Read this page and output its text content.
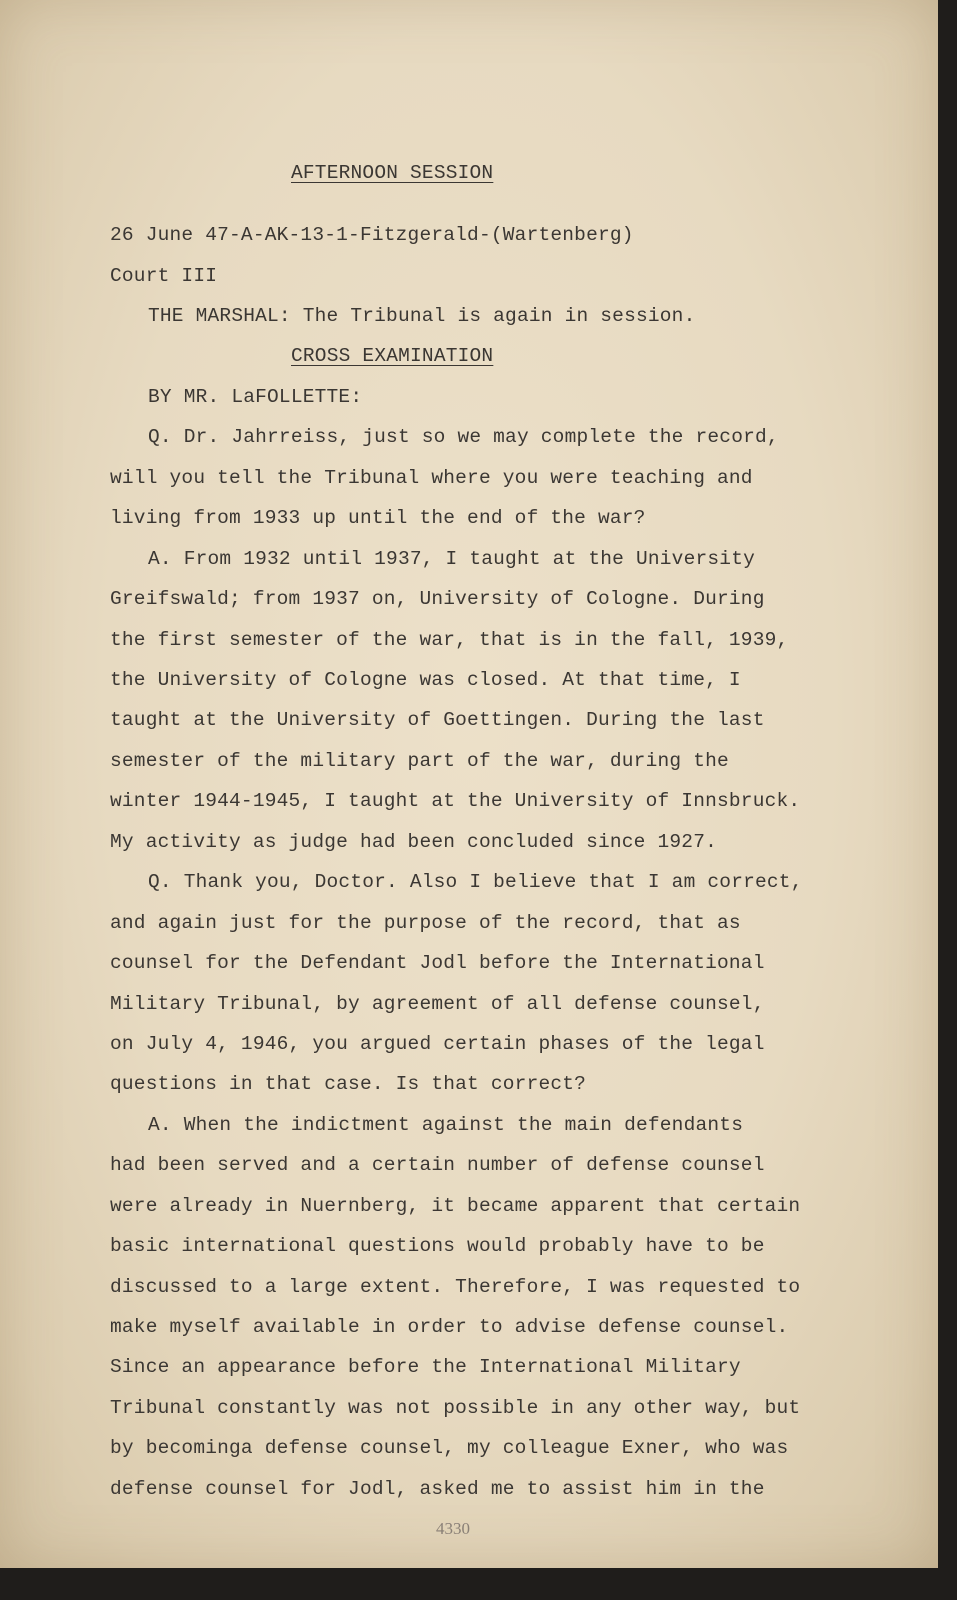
AFTERNOON SESSION
26 June 47-A-AK-13-1-Fitzgerald-(Wartenberg)
Court III
THE MARSHAL: The Tribunal is again in session.
CROSS EXAMINATION
BY MR. LaFOLLETTE:
Q. Dr. Jahrreiss, just so we may complete the record,
will you tell the Tribunal where you were teaching and
living from 1933 up until the end of the war?
A. From 1932 until 1937, I taught at the University
Greifswald; from 1937 on, University of Cologne. During
the first semester of the war, that is in the fall, 1939,
the University of Cologne was closed. At that time, I
taught at the University of Goettingen. During the last
semester of the military part of the war, during the
winter 1944-1945, I taught at the University of Innsbruck.
My activity as judge had been concluded since 1927.
Q. Thank you, Doctor. Also I believe that I am correct,
and again just for the purpose of the record, that as
counsel for the Defendant Jodl before the International
Military Tribunal, by agreement of all defense counsel,
on July 4, 1946, you argued certain phases of the legal
questions in that case. Is that correct?
A. When the indictment against the main defendants
had been served and a certain number of defense counsel
were already in Nuernberg, it became apparent that certain
basic international questions would probably have to be
discussed to a large extent. Therefore, I was requested to
make myself available in order to advise defense counsel.
Since an appearance before the International Military
Tribunal constantly was not possible in any other way, but
by becominga defense counsel, my colleague Exner, who was
defense counsel for Jodl, asked me to assist him in the
4330
